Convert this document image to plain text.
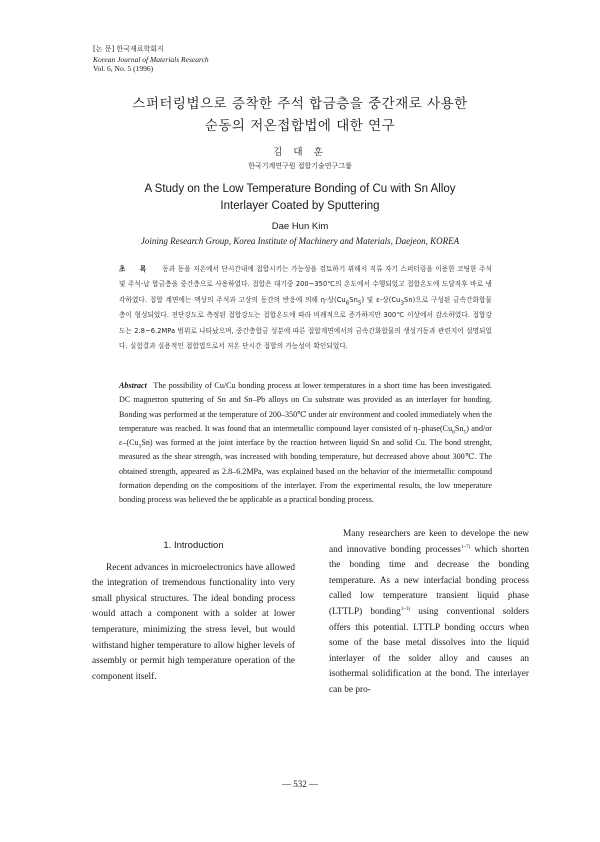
[논 문] 한국재료학회지
Korean Journal of Materials Research
Vol. 6, No. 5 (1996)
스퍼터링법으로 증착한 주석 합금층을 중간재로 사용한
순동의 저온접합법에 대한 연구
김 대 훈
한국기계연구원 접합기술연구그룹
A Study on the Low Temperature Bonding of Cu with Sn Alloy
Interlayer Coated by Sputtering
Dae Hun Kim
Joining Research Group, Korea Institute of Machinery and Materials, Daejeon, KOREA
초 록 동과 동을 저온에서 단시간내에 접합시키는 가능성을 검토하기 위해서 직류 자기 스퍼터링을 이용한 코팅한 주석 및 주석-납 합금층을 중간층으로 사용하였다. 접합은 대기중 200~350℃의 온도에서 수행되었고 접합온도에 도달직후 바로 냉각하였다. 접합 계면에는 액상의 주석과 고상의 동간의 반응에 의해 η-상$(Cu_6Sn_5)$ 및 ε-상$(Cu_3Sn)$으로 구성된 금속간화합물 층이 형성되었다. 전단강도로 측정된 접합강도는 접합온도에 따라 비례적으로 증가하지만 300℃ 이상에서 감소하였다. 접합강도는 2.8~6.2MPa 범위로 나타났으며, 중간층합금 성분에 따른 접합계면에서의 금속간화합물의 생성거동과 관련지어 설명되었다. 실험결과 실용적인 접합법으로서 저온 단시간 접합의 가능성이 확인되었다.
Abstract The possibility of Cu/Cu bonding process at lower temperatures in a short time has been investigated. DC magnetron sputtering of Sn and Sn–Pb alloys on Cu substrate was provided as an interlayer for bonding. Bonding was performed at the temperature of 200–350℃ under air environment and cooled immediately when the temperature was reached. It was found that an intermetallic compound layer consisted of $\eta-phase(Cu_6Sn_5)$ and/or $\varepsilon-(Cu_3Sn)$ was formed at the joint interface by the reaction between liquid Sn and solid Cu. The bond strenght, measured as the shear strength, was increased with bonding temperature, but decreased above about 300℃. The obtained strength, appeared as 2.8–6.2MPa, was explained based on the behavior of the intermetallic compound formation depending on the compositions of the interlayer. From the experimental results, the low tmeperature bonding process was believed the be applicable as a practical bonding process.
1. Introduction

Recent advances in microelectronics have allowed the integration of tremendous functionality into very small physical structures. The ideal bonding process would attach a component with a solder at lower temperature, minimizing the stress level, but would withstand higher temperature to allow higher levels of assembly or permit high temperature operation of the component itself.

Many researchers are keen to develope the new and innovative bonding processes$^{1\sim 7)}$ which shorten the bonding time and decrease the bonding temperature. As a new interfacial bonding process called low temperature transient liquid phase (LTTLP) bonding$^{1\sim 3)}$ using conventional solders offers this potential. LTTLP bonding occurs when some of the base metal dissolves into the liquid interlayer of the solder alloy and causes an isothermal solidification at the bond. The interlayer can be pro-

— 532 —
